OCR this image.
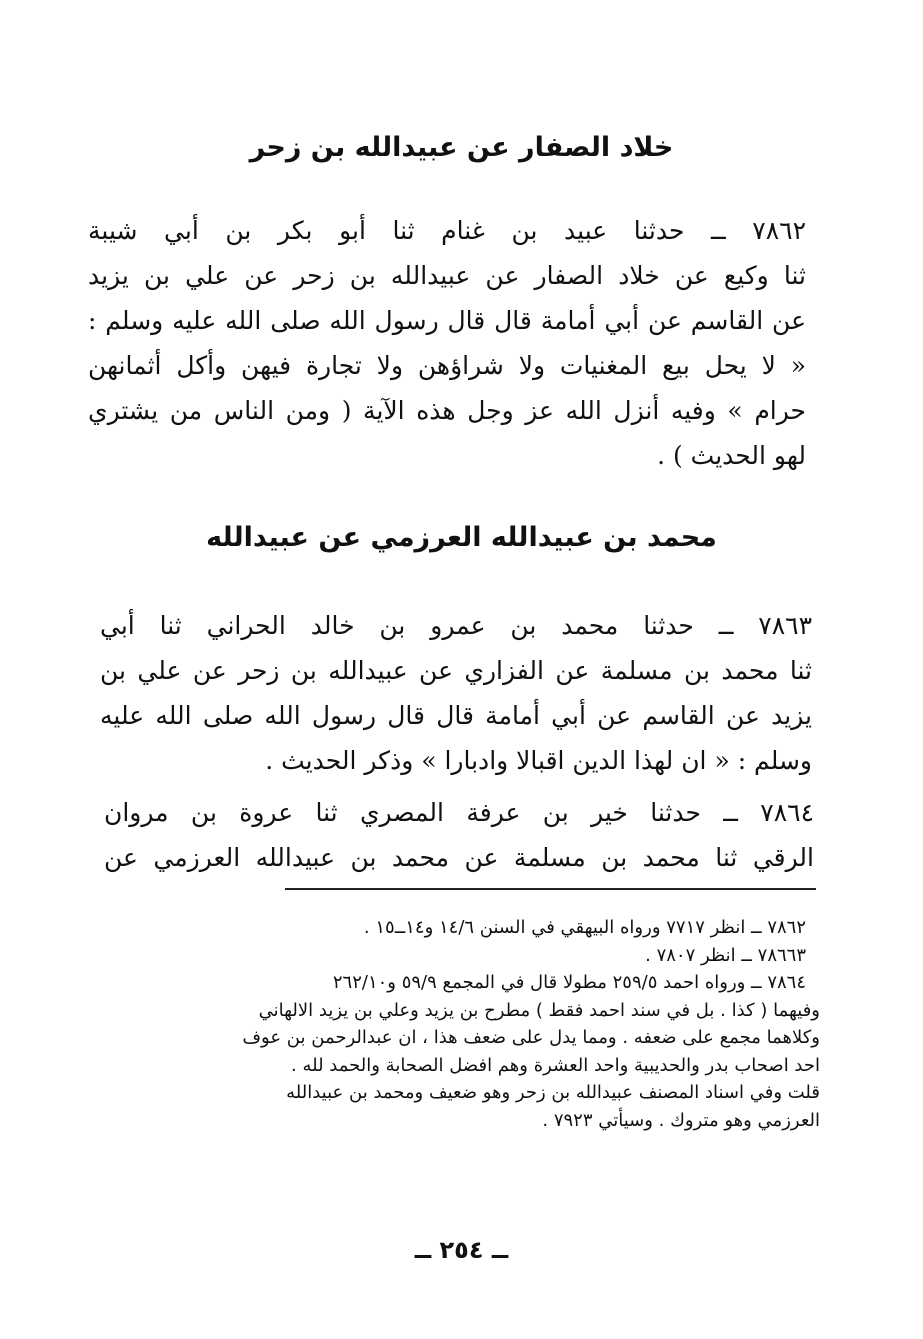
خلاد الصفار عن عبيدالله بن زحر
٧٨٦٢ ــ حدثنا عبيد بن غنام ثنا أبو بكر بن أبي شيبة
ثنا وكيع عن خلاد الصفار عن عبيدالله بن زحر عن علي بن يزيد
عن القاسم عن أبي أمامة قال قال رسول الله صلى الله عليه وسلم :
« لا يحل بيع المغنيات ولا شراؤهن ولا تجارة فيهن وأكل أثمانهن
حرام » وفيه أنزل الله عز وجل هذه الآية ( ومن الناس من يشتري
لهو الحديث ) .
محمد بن عبيدالله العرزمي عن عبيدالله
٧٨٦٣ ــ حدثنا محمد بن عمرو بن خالد الحراني ثنا أبي
ثنا محمد بن مسلمة عن الفزاري عن عبيدالله بن زحر عن علي بن
يزيد عن القاسم عن أبي أمامة قال قال رسول الله صلى الله عليه
وسلم : « ان لهذا الدين اقبالا وادبارا » وذكر الحديث .
٧٨٦٤ ــ حدثنا خير بن عرفة المصري ثنا عروة بن مروان
الرقي ثنا محمد بن مسلمة عن محمد بن عبيدالله العرزمي عن
٧٨٦٢ ــ انظر ٧٧١٧ ورواه البيهقي في السنن ١٤/٦ و١٤ــ١٥ .
٧٨٦٦٣ ــ انظر ٧٨٠٧ .
٧٨٦٤ ــ ورواه احمد ٢٥٩/٥ مطولا قال في المجمع ٥٩/٩ و٢٦٢/١٠
وفيهما ( كذا . بل في سند احمد فقط ) مطرح بن يزيد وعلي بن يزيد الالهاني
وكلاهما مجمع على ضعفه . ومما يدل على ضعف هذا ، ان عبدالرحمن بن عوف
احد اصحاب بدر والحديبية واحد العشرة وهم افضل الصحابة والحمد لله .
قلت وفي اسناد المصنف عبيدالله بن زحر وهو ضعيف ومحمد بن عبيدالله
العرزمي وهو متروك . وسيأتي ٧٩٢٣ .
ــ ٢٥٤ ــ
